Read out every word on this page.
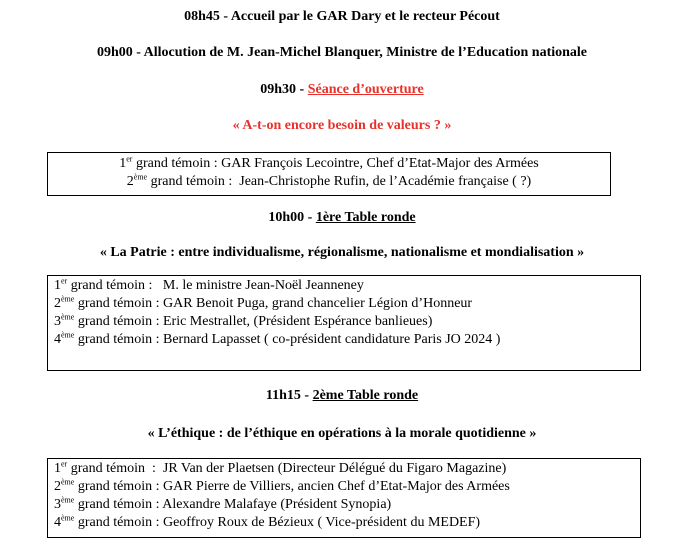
08h45 - Accueil par le GAR Dary et le recteur Pécout
09h00 - Allocution de M. Jean-Michel Blanquer, Ministre de l’Education nationale
09h30 - Séance d’ouverture
« A-t-on encore besoin de valeurs ? »
1er grand témoin : GAR François Lecointre, Chef d’Etat-Major des Armées
2ème grand témoin :  Jean-Christophe Rufin, de l’Académie française ( ?)
10h00 - 1ère Table ronde
« La Patrie : entre individualisme, régionalisme, nationalisme et mondialisation »
1er grand témoin :   M. le ministre Jean-Noël Jeanneney
2ème grand témoin : GAR Benoit Puga, grand chancelier Légion d’Honneur
3ème grand témoin : Eric Mestrallet, (Président Espérance banlieues)
4ème grand témoin : Bernard Lapasset ( co-président candidature Paris JO 2024 )
11h15 - 2ème Table ronde
« L’éthique : de l’éthique en opérations à la morale quotidienne »
1er grand témoin  :  JR Van der Plaetsen (Directeur Délégué du Figaro Magazine)
2ème grand témoin : GAR Pierre de Villiers, ancien Chef d’Etat-Major des Armées
3ème grand témoin : Alexandre Malafaye (Président Synopia)
4ème grand témoin : Geoffroy Roux de Bézieux ( Vice-président du MEDEF)
